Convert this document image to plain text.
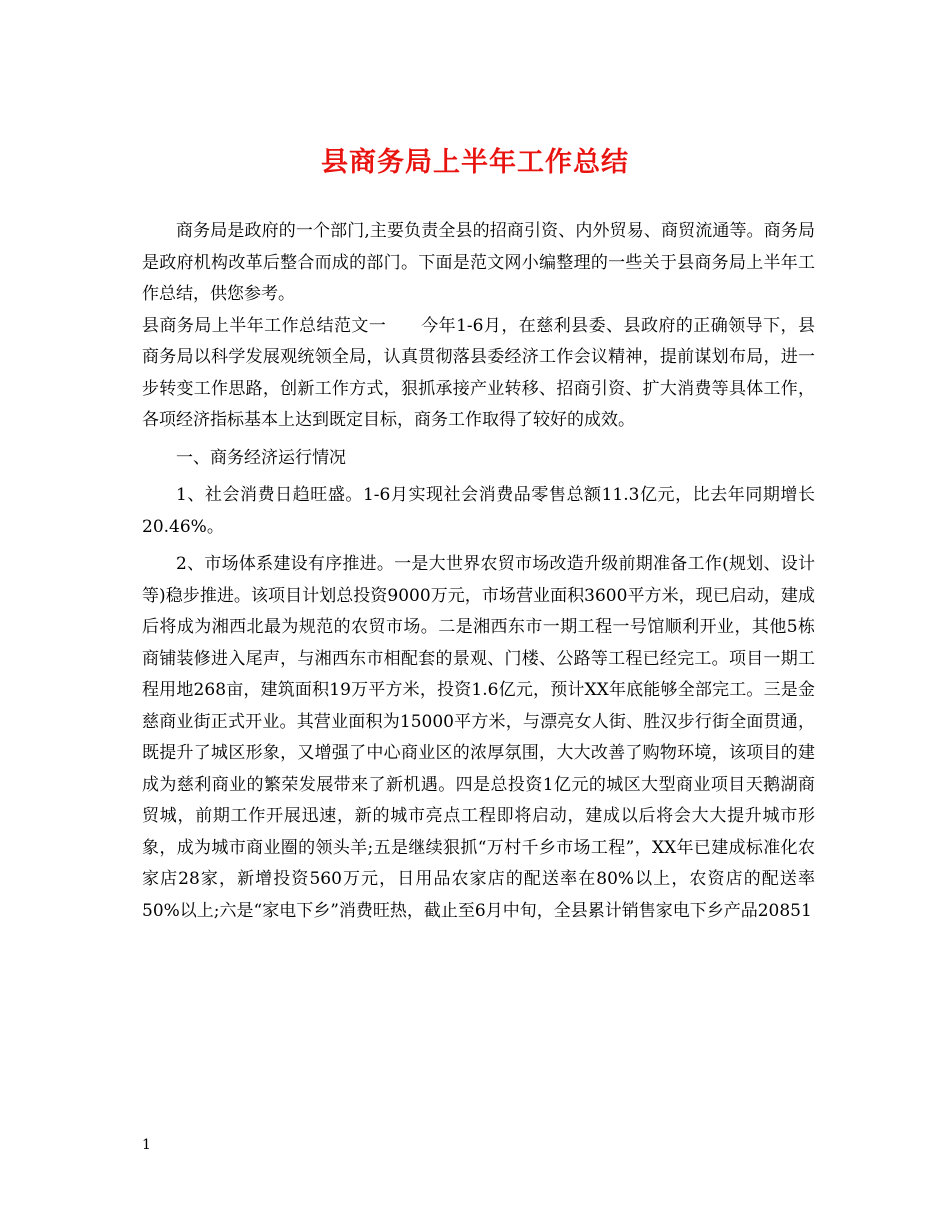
县商务局上半年工作总结

商务局是政府的一个部门,主要负责全县的招商引资、内外贸易、商贸流通等。商务局是政府机构改革后整合而成的部门。下面是范文网小编整理的一些关于县商务局上半年工作总结，供您参考。

县商务局上半年工作总结范文一　　今年1-6月，在慈利县委、县政府的正确领导下，县商务局以科学发展观统领全局，认真贯彻落县委经济工作会议精神，提前谋划布局，进一步转变工作思路，创新工作方式，狠抓承接产业转移、招商引资、扩大消费等具体工作，各项经济指标基本上达到既定目标，商务工作取得了较好的成效。

一、商务经济运行情况

1、社会消费日趋旺盛。1-6月实现社会消费品零售总额11.3亿元，比去年同期增长20.46%。

2、市场体系建设有序推进。一是大世界农贸市场改造升级前期准备工作(规划、设计等)稳步推进。该项目计划总投资9000万元，市场营业面积3600平方米，现已启动，建成后将成为湘西北最为规范的农贸市场。二是湘西东市一期工程一号馆顺利开业，其他5栋商铺装修进入尾声，与湘西东市相配套的景观、门楼、公路等工程已经完工。项目一期工程用地268亩，建筑面积19万平方米，投资1.6亿元，预计XX年底能够全部完工。三是金慈商业街正式开业。其营业面积为15000平方米，与漂亮女人街、胜汉步行街全面贯通，既提升了城区形象，又增强了中心商业区的浓厚氛围，大大改善了购物环境，该项目的建成为慈利商业的繁荣发展带来了新机遇。四是总投资1亿元的城区大型商业项目天鹅湖商贸城，前期工作开展迅速，新的城市亮点工程即将启动，建成以后将会大大提升城市形象，成为城市商业圈的领头羊;五是继续狠抓“万村千乡市场工程”，XX年已建成标准化农家店28家，新增投资560万元，日用品农家店的配送率在80%以上，农资店的配送率50%以上;六是“家电下乡”消费旺热，截止至6月中旬，全县累计销售家电下乡产品20851

1
